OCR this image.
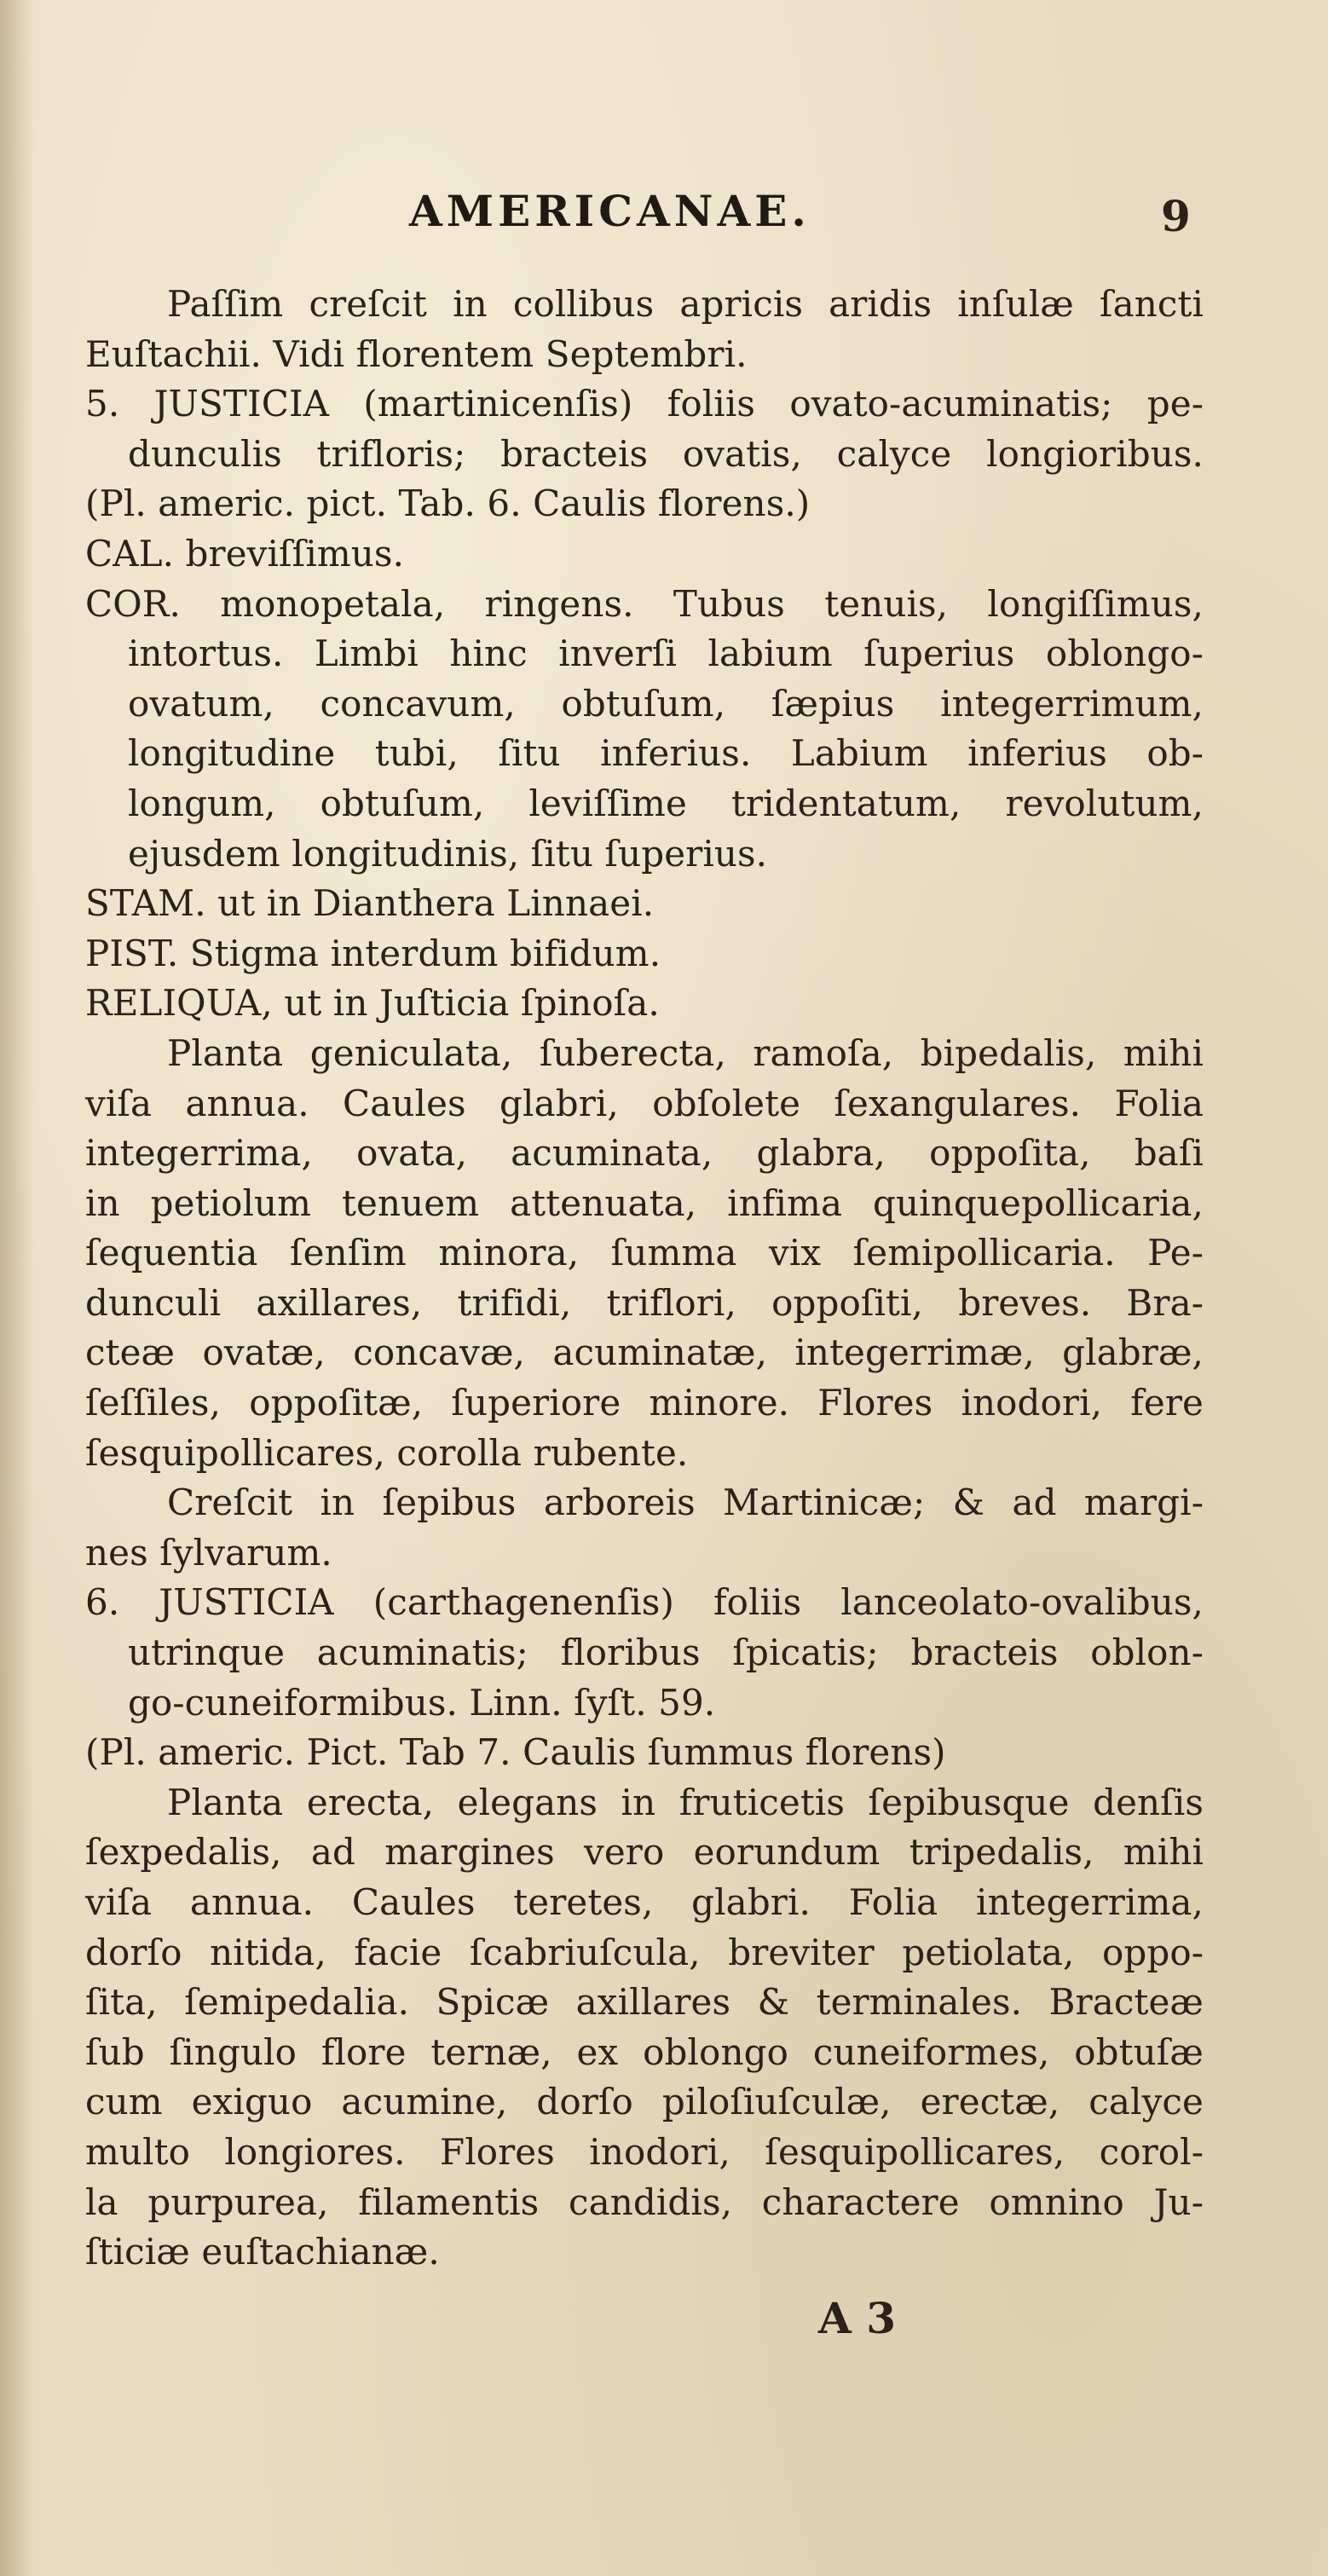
AMERICANAE.	9
Paſſim creſcit in collibus apricis aridis inſulæ ſancti
Euſtachii. Vidi florentem Septembri.
5. JUSTICIA (martinicenſis) foliis ovato-acuminatis; pe-
dunculis trifloris; bracteis ovatis, calyce longioribus.
(Pl. americ. pict. Tab. 6. Caulis florens.)
CAL. breviſſimus.
COR. monopetala, ringens. Tubus tenuis, longiſſimus,
intortus. Limbi hinc inverſi labium ſuperius oblongo-
ovatum, concavum, obtuſum, ſæpius integerrimum,
longitudine tubi, ſitu inferius. Labium inferius ob-
longum, obtuſum, leviſſime tridentatum, revolutum,
ejusdem longitudinis, ſitu ſuperius.
STAM. ut in Dianthera Linnaei.
PIST. Stigma interdum bifidum.
RELIQUA, ut in Juſticia ſpinoſa.
Planta geniculata, ſuberecta, ramoſa, bipedalis, mihi
viſa annua. Caules glabri, obſolete ſexangulares. Folia
integerrima, ovata, acuminata, glabra, oppoſita, baſi
in petiolum tenuem attenuata, infima quinquepollicaria,
ſequentia ſenſim minora, ſumma vix ſemipollicaria. Pe-
dunculi axillares, trifidi, triflori, oppoſiti, breves. Bra-
cteæ ovatæ, concavæ, acuminatæ, integerrimæ, glabræ,
ſeſſiles, oppoſitæ, ſuperiore minore. Flores inodori, fere
ſesquipollicares, corolla rubente.
Creſcit in ſepibus arboreis Martinicæ; & ad margi-
nes ſylvarum.
6. JUSTICIA (carthagenenſis) foliis lanceolato-ovalibus,
utrinque acuminatis; floribus ſpicatis; bracteis oblon-
go-cuneiformibus. Linn. ſyſt. 59.
(Pl. americ. Pict. Tab 7. Caulis ſummus florens)
Planta erecta, elegans in fruticetis ſepibusque denſis
ſexpedalis, ad margines vero eorundum tripedalis, mihi
viſa annua. Caules teretes, glabri. Folia integerrima,
dorſo nitida, facie ſcabriuſcula, breviter petiolata, oppo-
ſita, ſemipedalia. Spicæ axillares & terminales. Bracteæ
ſub ſingulo flore ternæ, ex oblongo cuneiformes, obtuſæ
cum exiguo acumine, dorſo piloſiuſculæ, erectæ, calyce
multo longiores. Flores inodori, ſesquipollicares, corol-
la purpurea, filamentis candidis, charactere omnino Ju-
ſticiæ euſtachianæ.
A 3
